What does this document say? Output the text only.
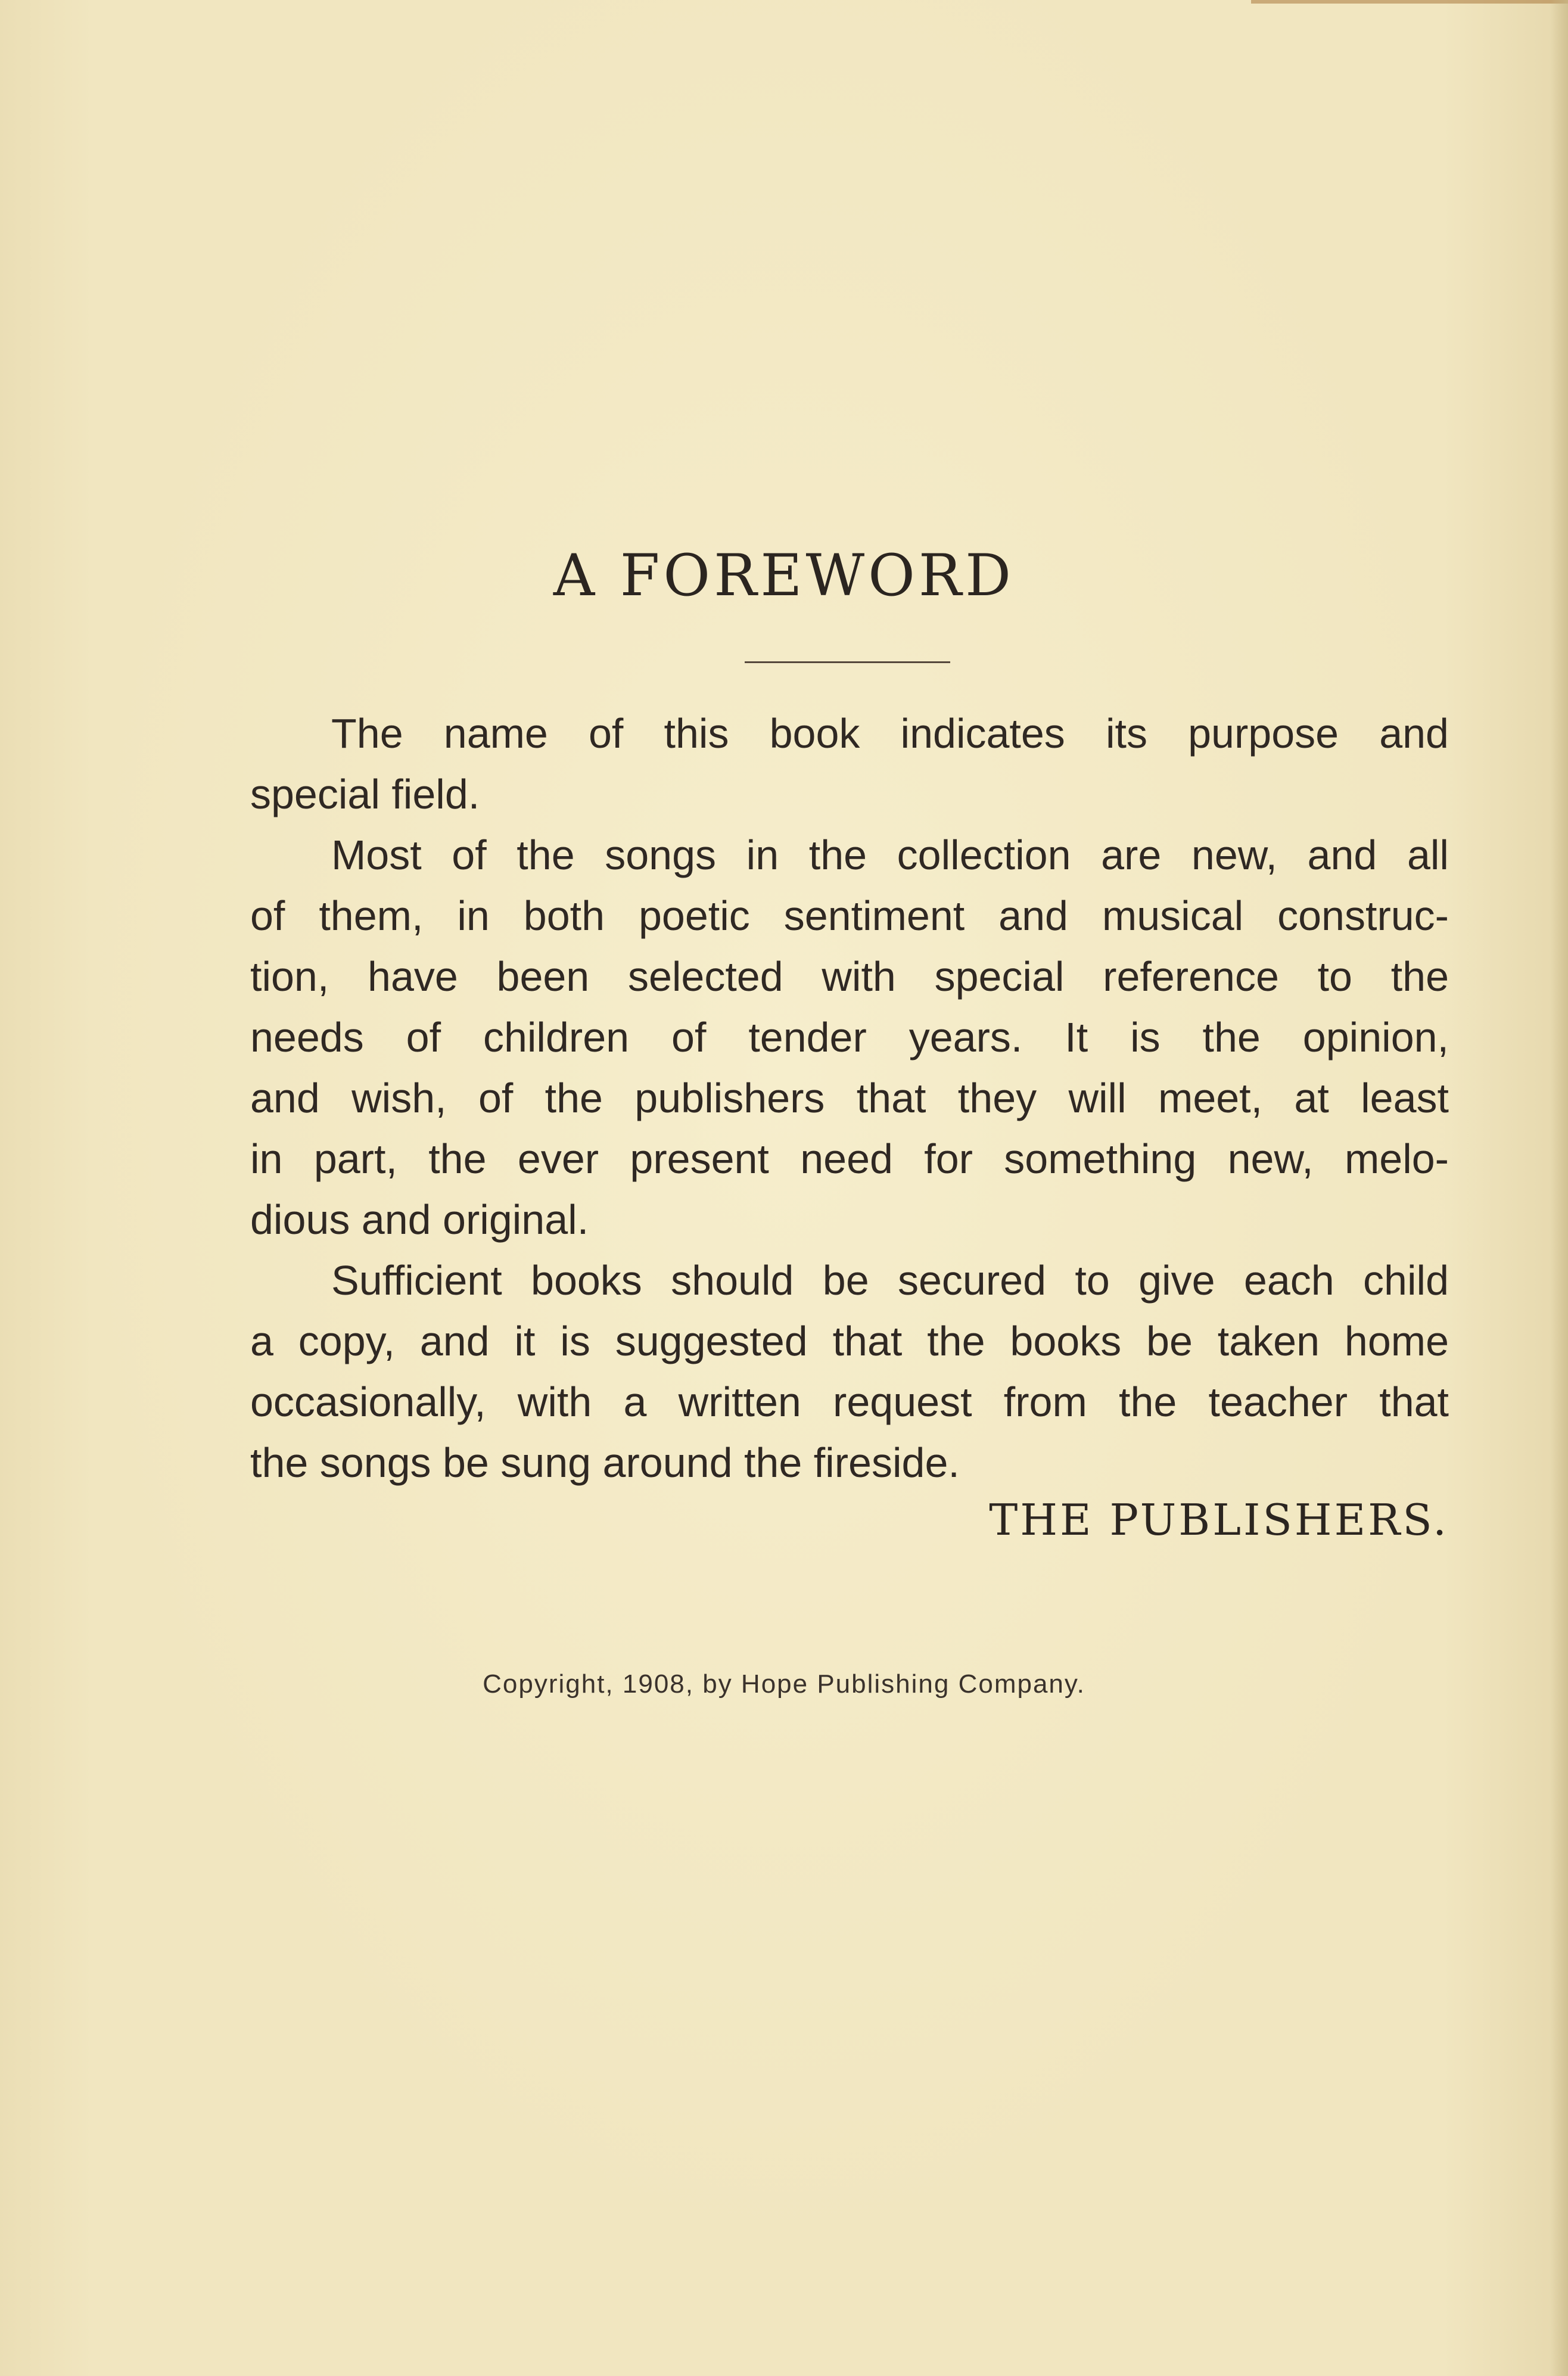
A FOREWORD
The name of this book indicates its purpose and
special field.
Most of the songs in the collection are new, and all
of them, in both poetic sentiment and musical construc-
tion, have been selected with special reference to the
needs of children of tender years. It is the opinion,
and wish, of the publishers that they will meet, at least
in part, the ever present need for something new, melo-
dious and original.
Sufficient books should be secured to give each child
a copy, and it is suggested that the books be taken home
occasionally, with a written request from the teacher that
the songs be sung around the fireside.
THE PUBLISHERS.
Copyright, 1908, by Hope Publishing Company.
